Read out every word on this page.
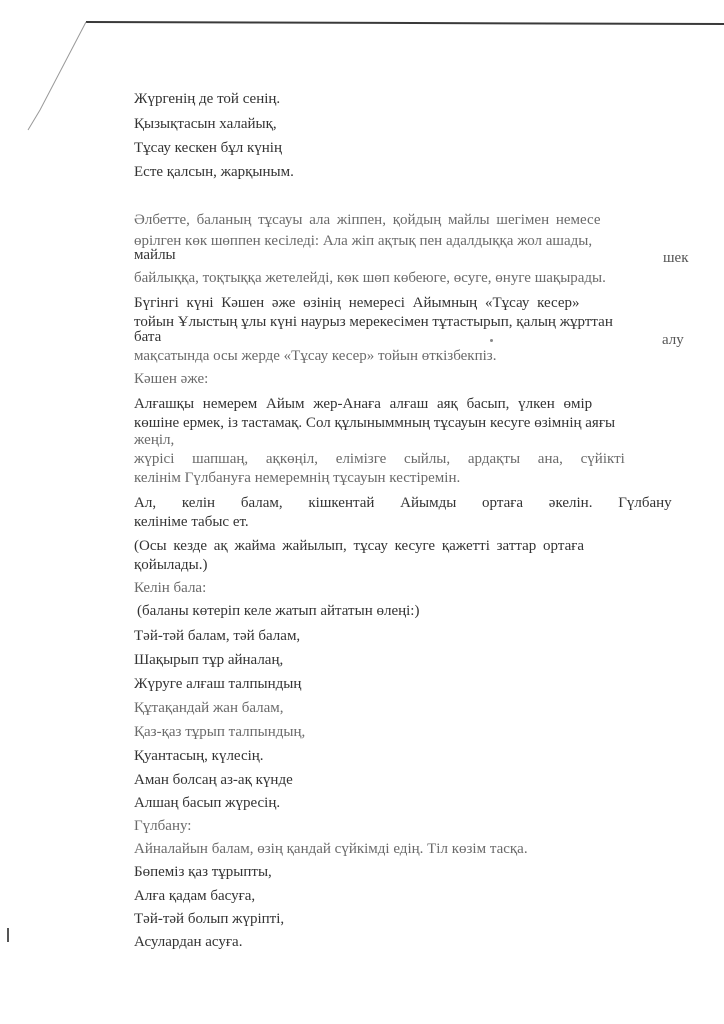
Жүргенің де той сенің.
Қызықтасын халайық,
Тұсау кескен бұл күнің
Есте қалсын, жарқыным.
Әлбетте, баланың тұсауы ала жіппен, қойдың майлы шегімен немесе
өрілген көк шөппен кесіледі: Ала жіп ақтық пен адалдыққа жол ашады,
майлы	шек
байлыққа, тоқтыққа жетелейді, көк шөп көбеюге, өсуге, өнуге шақырады.
Бүгінгі күні Кәшен әже өзінің немересі Айымның «Тұсау кесер»
тойын Ұлыстың ұлы күні наурыз мерекесімен тұтастырып, қалың жұрттан
бата	алу
мақсатында осы жерде «Тұсау кесер» тойын өткізбекпіз.
Кәшен әже:
Алғашқы немерем Айым жер-Анаға алғаш аяқ басып, үлкен өмір
көшіне ермек, із тастамақ. Сол құлыныммның тұсауын кесуге өзімнің аяғы
жеңіл,
жүрісі шапшаң, ақкөңіл, елімізге сыйлы, ардақты ана, сүйікті
келінім Гүлбануға немеремнің тұсауын кестіремін.
Ал, келін балам, кішкентай Айымды ортаға әкелін. Гүлбану
келініме табыс ет.
(Осы кезде ақ жайма жайылып, тұсау кесуге қажетті заттар ортаға
қойылады.)
Келін бала:
(баланы көтеріп келе жатып айтатын өлеңі:)
Тәй-тәй балам, тәй балам,
Шақырып тұр айналаң,
Жүруге алғаш талпындың
Құтақандай жан балам,
Қаз-қаз тұрып талпындың,
Қуантасың, күлесің.
Аман болсаң аз-ақ күнде
Алшаң басып жүресің.
Гүлбану:
Айналайын балам, өзің қандай сүйкімді едің. Тіл көзім тасқа.
Бөпеміз қаз тұрыпты,
Алға қадам басуға,
Тәй-тәй болып жүріпті,
Асулардан асуға.
